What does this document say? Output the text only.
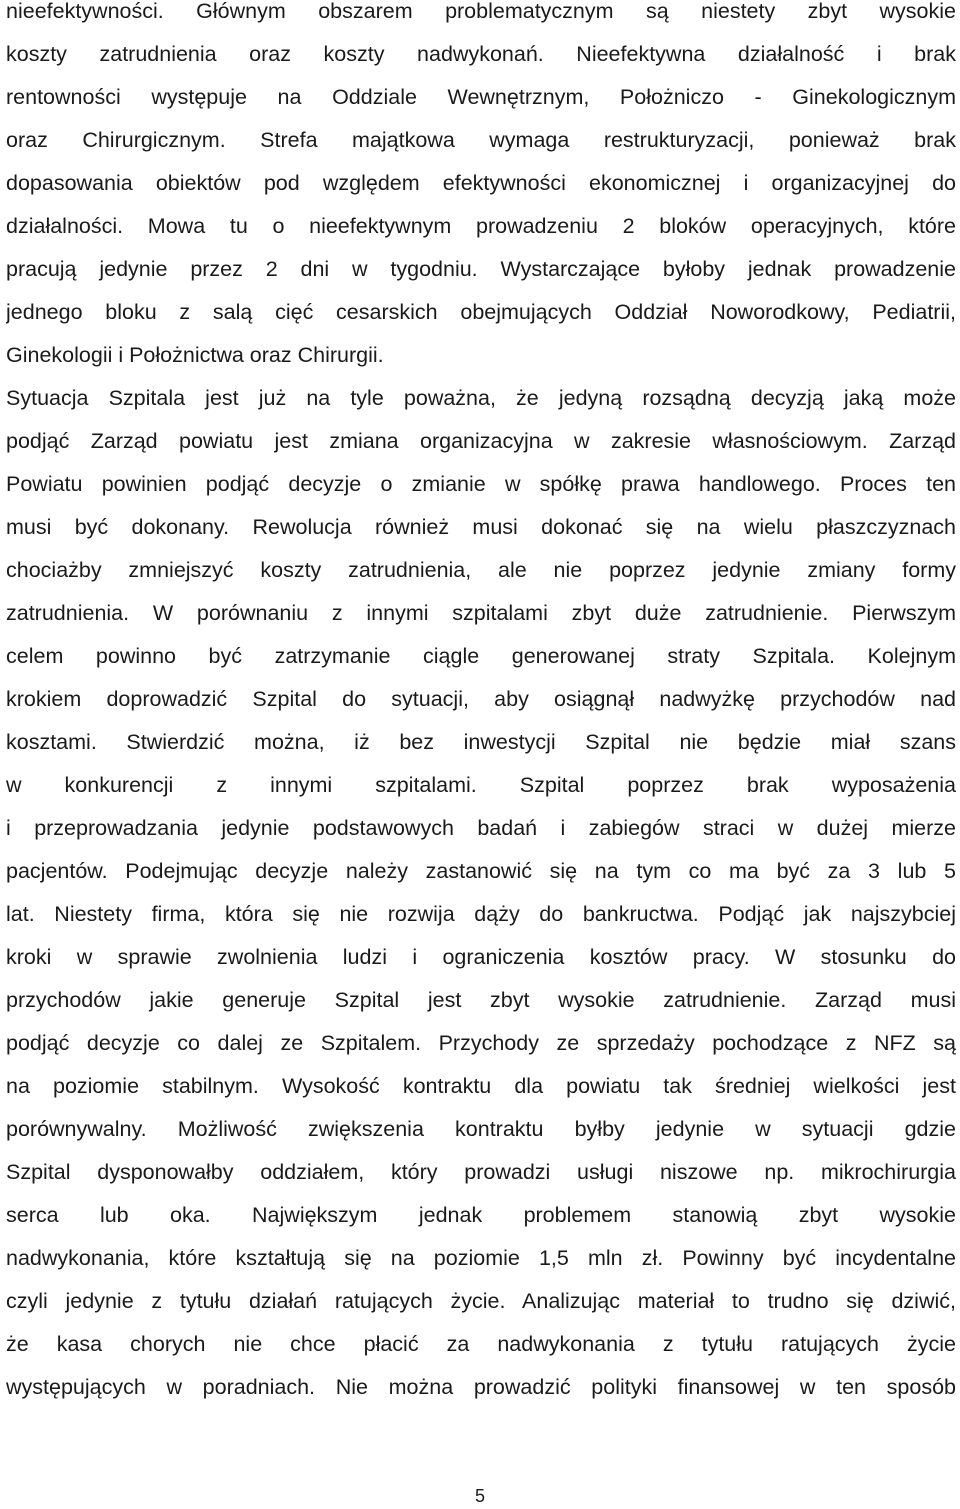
nieefektywności. Głównym obszarem problematycznym są niestety zbyt wysokie
koszty zatrudnienia oraz koszty nadwykonań. Nieefektywna działalność i brak
rentowności występuje na Oddziale Wewnętrznym, Położniczo - Ginekologicznym
oraz Chirurgicznym. Strefa majątkowa wymaga restrukturyzacji, ponieważ brak
dopasowania obiektów pod względem efektywności ekonomicznej i organizacyjnej do
działalności. Mowa tu o nieefektywnym prowadzeniu 2 bloków operacyjnych, które
pracują jedynie przez 2 dni w tygodniu. Wystarczające byłoby jednak prowadzenie
jednego bloku z salą cięć cesarskich obejmujących Oddział Noworodkowy, Pediatrii,
Ginekologii i Położnictwa oraz Chirurgii.
Sytuacja Szpitala jest już na tyle poważna, że jedyną rozsądną decyzją jaką może
podjąć Zarząd powiatu jest zmiana organizacyjna w zakresie własnościowym. Zarząd
Powiatu powinien podjąć decyzje o zmianie w spółkę prawa handlowego. Proces ten
musi być dokonany. Rewolucja również musi dokonać się na wielu płaszczyznach
chociażby zmniejszyć koszty zatrudnienia, ale nie poprzez jedynie zmiany formy
zatrudnienia. W porównaniu z innymi szpitalami zbyt duże zatrudnienie. Pierwszym
celem powinno być zatrzymanie ciągle generowanej straty Szpitala. Kolejnym
krokiem doprowadzić Szpital do sytuacji, aby osiągnął nadwyżkę przychodów nad
kosztami. Stwierdzić można, iż bez inwestycji Szpital nie będzie miał szans
w konkurencji z innymi szpitalami. Szpital poprzez brak wyposażenia
i przeprowadzania jedynie podstawowych badań i zabiegów straci w dużej mierze
pacjentów. Podejmując decyzje należy zastanowić się na tym co ma być za 3 lub 5
lat. Niestety firma, która się nie rozwija dąży do bankructwa. Podjąć jak najszybciej
kroki w sprawie zwolnienia ludzi i ograniczenia kosztów pracy. W stosunku do
przychodów jakie generuje Szpital jest zbyt wysokie zatrudnienie. Zarząd musi
podjąć decyzje co dalej ze Szpitalem. Przychody ze sprzedaży pochodzące z NFZ są
na poziomie stabilnym. Wysokość kontraktu dla powiatu tak średniej wielkości jest
porównywalny. Możliwość zwiększenia kontraktu byłby jedynie w sytuacji gdzie
Szpital dysponowałby oddziałem, który prowadzi usługi niszowe np. mikrochirurgia
serca lub oka. Największym jednak problemem stanowią zbyt wysokie
nadwykonania, które kształtują się na poziomie 1,5 mln zł. Powinny być incydentalne
czyli jedynie z tytułu działań ratujących życie. Analizując materiał to trudno się dziwić,
że kasa chorych nie chce płacić za nadwykonania z tytułu ratujących życie
występujących w poradniach. Nie można prowadzić polityki finansowej w ten sposób
5
